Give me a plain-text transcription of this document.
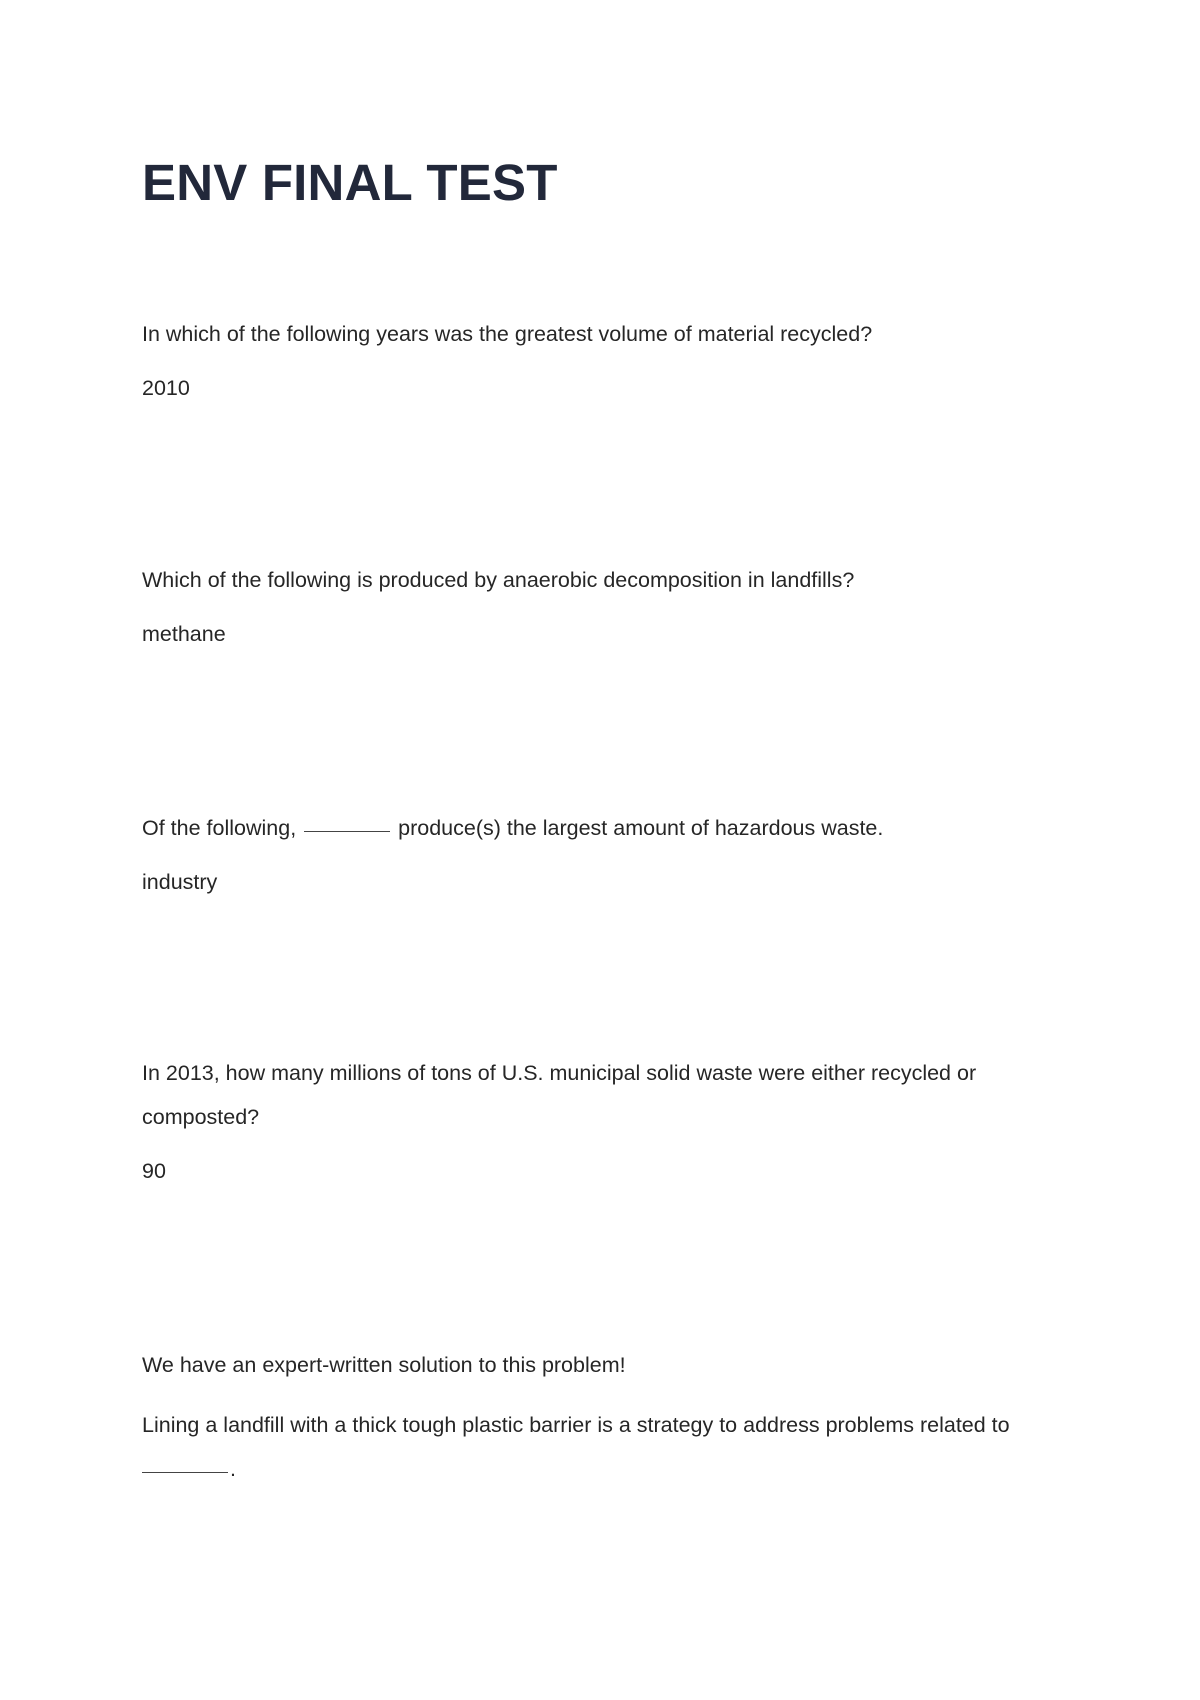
ENV FINAL TEST

In which of the following years was the greatest volume of material recycled?

2010

Which of the following is produced by anaerobic decomposition in landfills?

methane

Of the following,	produce(s) the largest amount of hazardous waste.

industry

In 2013, how many millions of tons of U.S. municipal solid waste were either recycled or composted?

90

We have an expert-written solution to this problem!

Lining a landfill with a thick tough plastic barrier is a strategy to address problems related to
.
